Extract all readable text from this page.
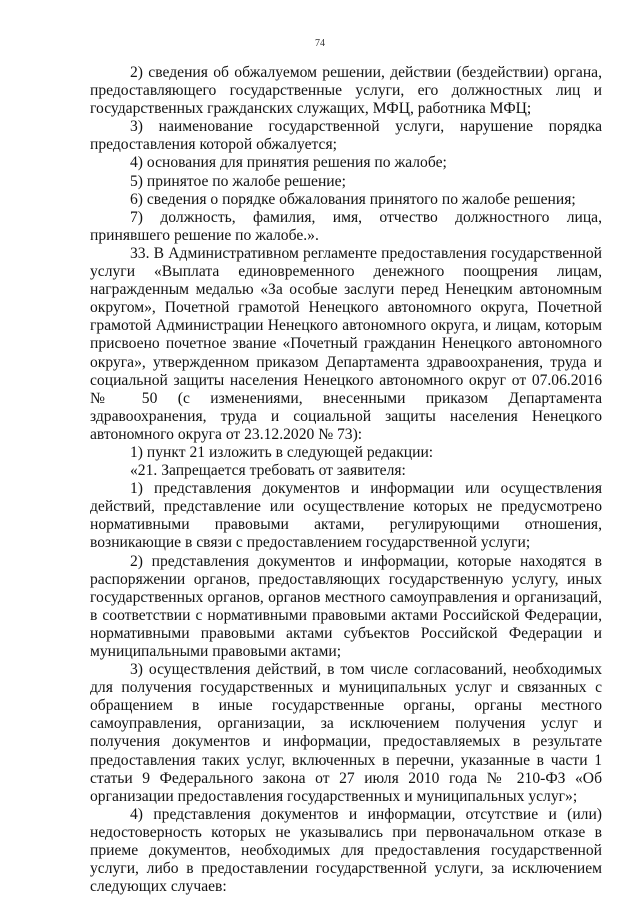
74

2) сведения об обжалуемом решении, действии (бездействии) органа, предоставляющего государственные услуги, его должностных лиц и государственных гражданских служащих, МФЦ, работника МФЦ;

3) наименование государственной услуги, нарушение порядка предоставления которой обжалуется;

4) основания для принятия решения по жалобе;

5) принятое по жалобе решение;

6) сведения о порядке обжалования принятого по жалобе решения;

7) должность, фамилия, имя, отчество должностного лица, принявшего решение по жалобе.».

33. В Административном регламенте предоставления государственной услуги «Выплата единовременного денежного поощрения лицам, награжденным медалью «За особые заслуги перед Ненецким автономным округом», Почетной грамотой Ненецкого автономного округа, Почетной грамотой Администрации Ненецкого автономного округа, и лицам, которым присвоено почетное звание «Почетный гражданин Ненецкого автономного округа», утвержденном приказом Департамента здравоохранения, труда и социальной защиты населения Ненецкого автономного округ от 07.06.2016 № 50 (с изменениями, внесенными приказом Департамента здравоохранения, труда и социальной защиты населения Ненецкого автономного округа от 23.12.2020 № 73):

1) пункт 21 изложить в следующей редакции:

«21. Запрещается требовать от заявителя:

1) представления документов и информации или осуществления действий, представление или осуществление которых не предусмотрено нормативными правовыми актами, регулирующими отношения, возникающие в связи с предоставлением государственной услуги;

2) представления документов и информации, которые находятся в распоряжении органов, предоставляющих государственную услугу, иных государственных органов, органов местного самоуправления и организаций, в соответствии с нормативными правовыми актами Российской Федерации, нормативными правовыми актами субъектов Российской Федерации и муниципальными правовыми актами;

3) осуществления действий, в том числе согласований, необходимых для получения государственных и муниципальных услуг и связанных с обращением в иные государственные органы, органы местного самоуправления, организации, за исключением получения услуг и получения документов и информации, предоставляемых в результате предоставления таких услуг, включенных в перечни, указанные в части 1 статьи 9 Федерального закона от 27 июля 2010 года № 210-ФЗ «Об организации предоставления государственных и муниципальных услуг»;

4) представления документов и информации, отсутствие и (или) недостоверность которых не указывались при первоначальном отказе в приеме документов, необходимых для предоставления государственной услуги, либо в предоставлении государственной услуги, за исключением следующих случаев:
